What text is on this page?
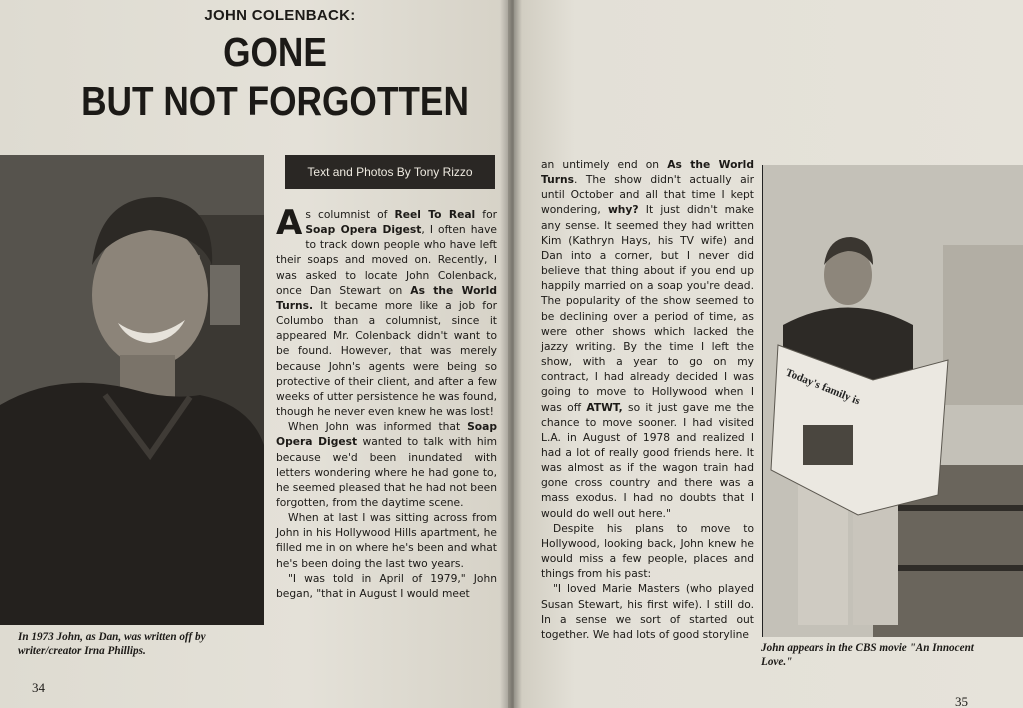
JOHN COLENBACK:
GONE
BUT NOT FORGOTTEN
Text and Photos By Tony Rizzo

As columnist of Reel To Real for Soap Opera Digest, I often have to track down people who have left their soaps and moved on. Recently, I was asked to locate John Colenback, once Dan Stewart on As the World Turns. It became more like a job for Columbo than a columnist, since it appeared Mr. Colenback didn't want to be found. However, that was merely because John's agents were being so protective of their client, and after a few weeks of utter persistence he was found, though he never even knew he was lost!

When John was informed that Soap Opera Digest wanted to talk with him because we'd been inundated with letters wondering where he had gone to, he seemed pleased that he had not been forgotten, from the daytime scene.

When at last I was sitting across from John in his Hollywood Hills apartment, he filled me in on where he's been and what he's been doing the last two years.

"I was told in April of 1979," John began, "that in August I would meet

In 1973 John, as Dan, was written off by writer/creator Irna Phillips.
34

an untimely end on As the World Turns. The show didn't actually air until October and all that time I kept wondering, why? It just didn't make any sense. It seemed they had written Kim (Kathryn Hays, his TV wife) and Dan into a corner, but I never did believe that thing about if you end up happily married on a soap you're dead. The popularity of the show seemed to be declining over a period of time, as were other shows which lacked the jazzy writing. By the time I left the show, with a year to go on my contract, I had already decided I was going to move to Hollywood when I was off ATWT, so it just gave me the chance to move sooner. I had visited L.A. in August of 1978 and realized I had a lot of really good friends here. It was almost as if the wagon train had gone cross country and there was a mass exodus. I had no doubts that I would do well out here."

Despite his plans to move to Hollywood, looking back, John knew he would miss a few people, places and things from his past:

"I loved Marie Masters (who played Susan Stewart, his first wife). I still do. In a sense we sort of started out together. We had lots of good storyline

Today's family is
John appears in the CBS movie "An Innocent Love."
35
